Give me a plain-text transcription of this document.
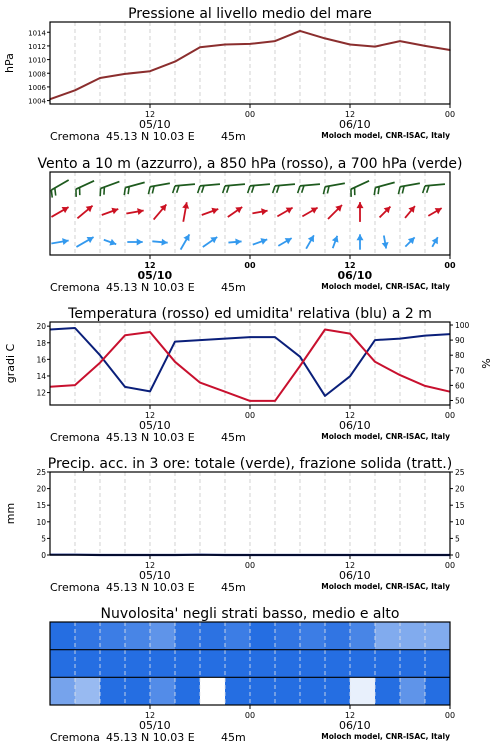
Pressione al livello medio del mare
12	00	12	00
05/10	06/10
Cremona 45.13 N 10.03 E 45m	Moloch model, CNR-ISAC, Italy
1004
1006
1008
1010
1012
1014
hPa
Vento a 10 m (azzurro), a 850 hPa (rosso), a 700 hPa (verde)
12	00	12	00
05/10	06/10
Cremona 45.13 N 10.03 E 45m	Moloch model, CNR-ISAC, Italy
Temperatura (rosso) ed umidita' relativa (blu) a 2 m
12	00	12	00
05/10	06/10
Cremona 45.13 N 10.03 E 45m	Moloch model, CNR-ISAC, Italy
12
14
16
18
20
50
60
70
80
90
100
gradi C	%
Precip. acc. in 3 ore: totale (verde), frazione solida (tratt.)
12	00	12	00
05/10	06/10
Cremona 45.13 N 10.03 E 45m	Moloch model, CNR-ISAC, Italy
0
5
10
15
20
25
0
5
10
15
20
25
mm
Nuvolosita' negli strati basso, medio e alto
12	00	12	00
05/10	06/10
Cremona 45.13 N 10.03 E 45m	Moloch model, CNR-ISAC, Italy
